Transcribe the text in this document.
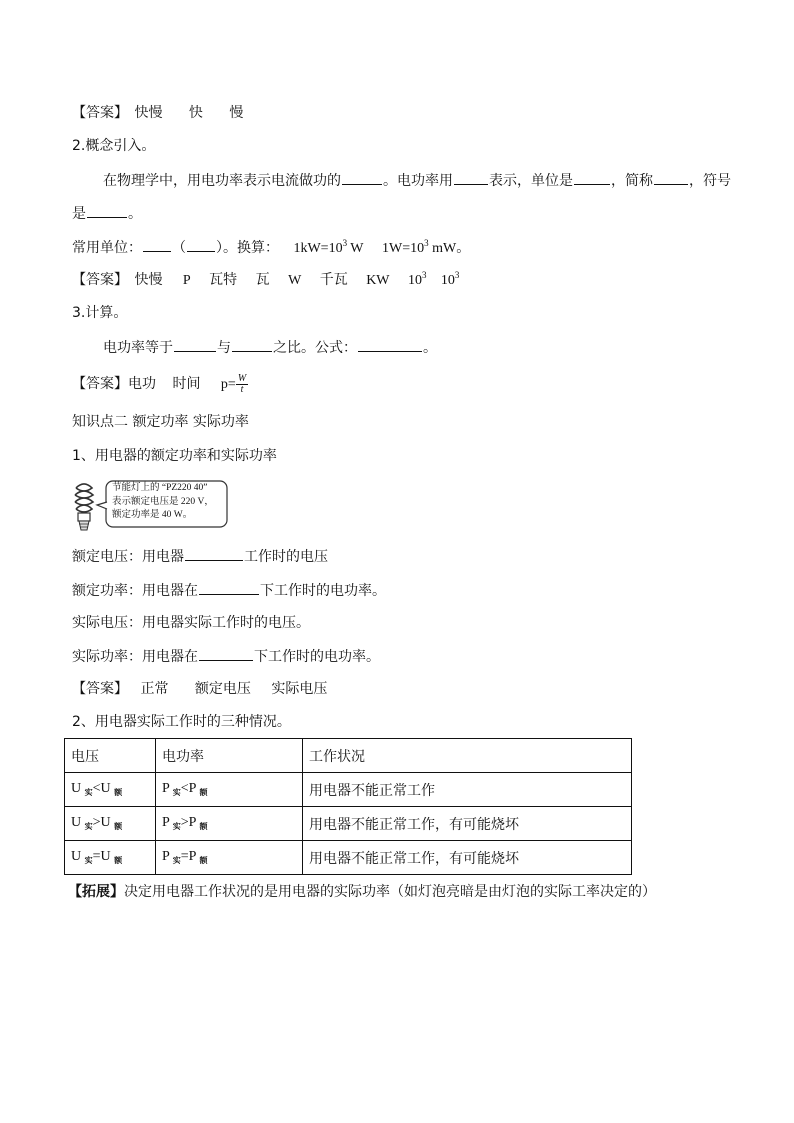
【答案】 快慢 快 慢
2.概念引入。
在物理学中，用电功率表示电流做功的	。电功率用	表示，单位是	，简称	，符号
是	。
常用单位： （ ）。换算： $1kW=10^3$ W $1W=10^3$ mW。
【答案】 快慢 P 瓦特 瓦 W 千瓦 KW $10^3$ $10^3$
3.计算。
电功率等于	与	之比。公式：	。
【答案】电功 时间 $p= \frac{W}{t}$
知识点二 额定功率 实际功率
1、用电器的额定功率和实际功率
节能灯上的 “PZ220 40”
表示额定电压是 220 V，
额定功率是 40 W。
额定电压：用电器	工作时的电压
额定功率：用电器在	下工作时的电功率。
实际电压：用电器实际工作时的电压。
实际功率：用电器在	下工作时的电功率。
【答案】 正常 额定电压 实际电压
2、用电器实际工作时的三种情况。
电压	电功率	工作状况
U $_实$<U $_额$	P $_实$<P $_额$	用电器不能正常工作
U $_实$>U $_额$	P $_实$>P $_额$	用电器不能正常工作，有可能烧坏
U $_实$=U $_额$	P $_实$=P $_额$	用电器不能正常工作，有可能烧坏
【拓展】决定用电器工作状况的是用电器的实际功率（如灯泡亮暗是由灯泡的实际工率决定的）
